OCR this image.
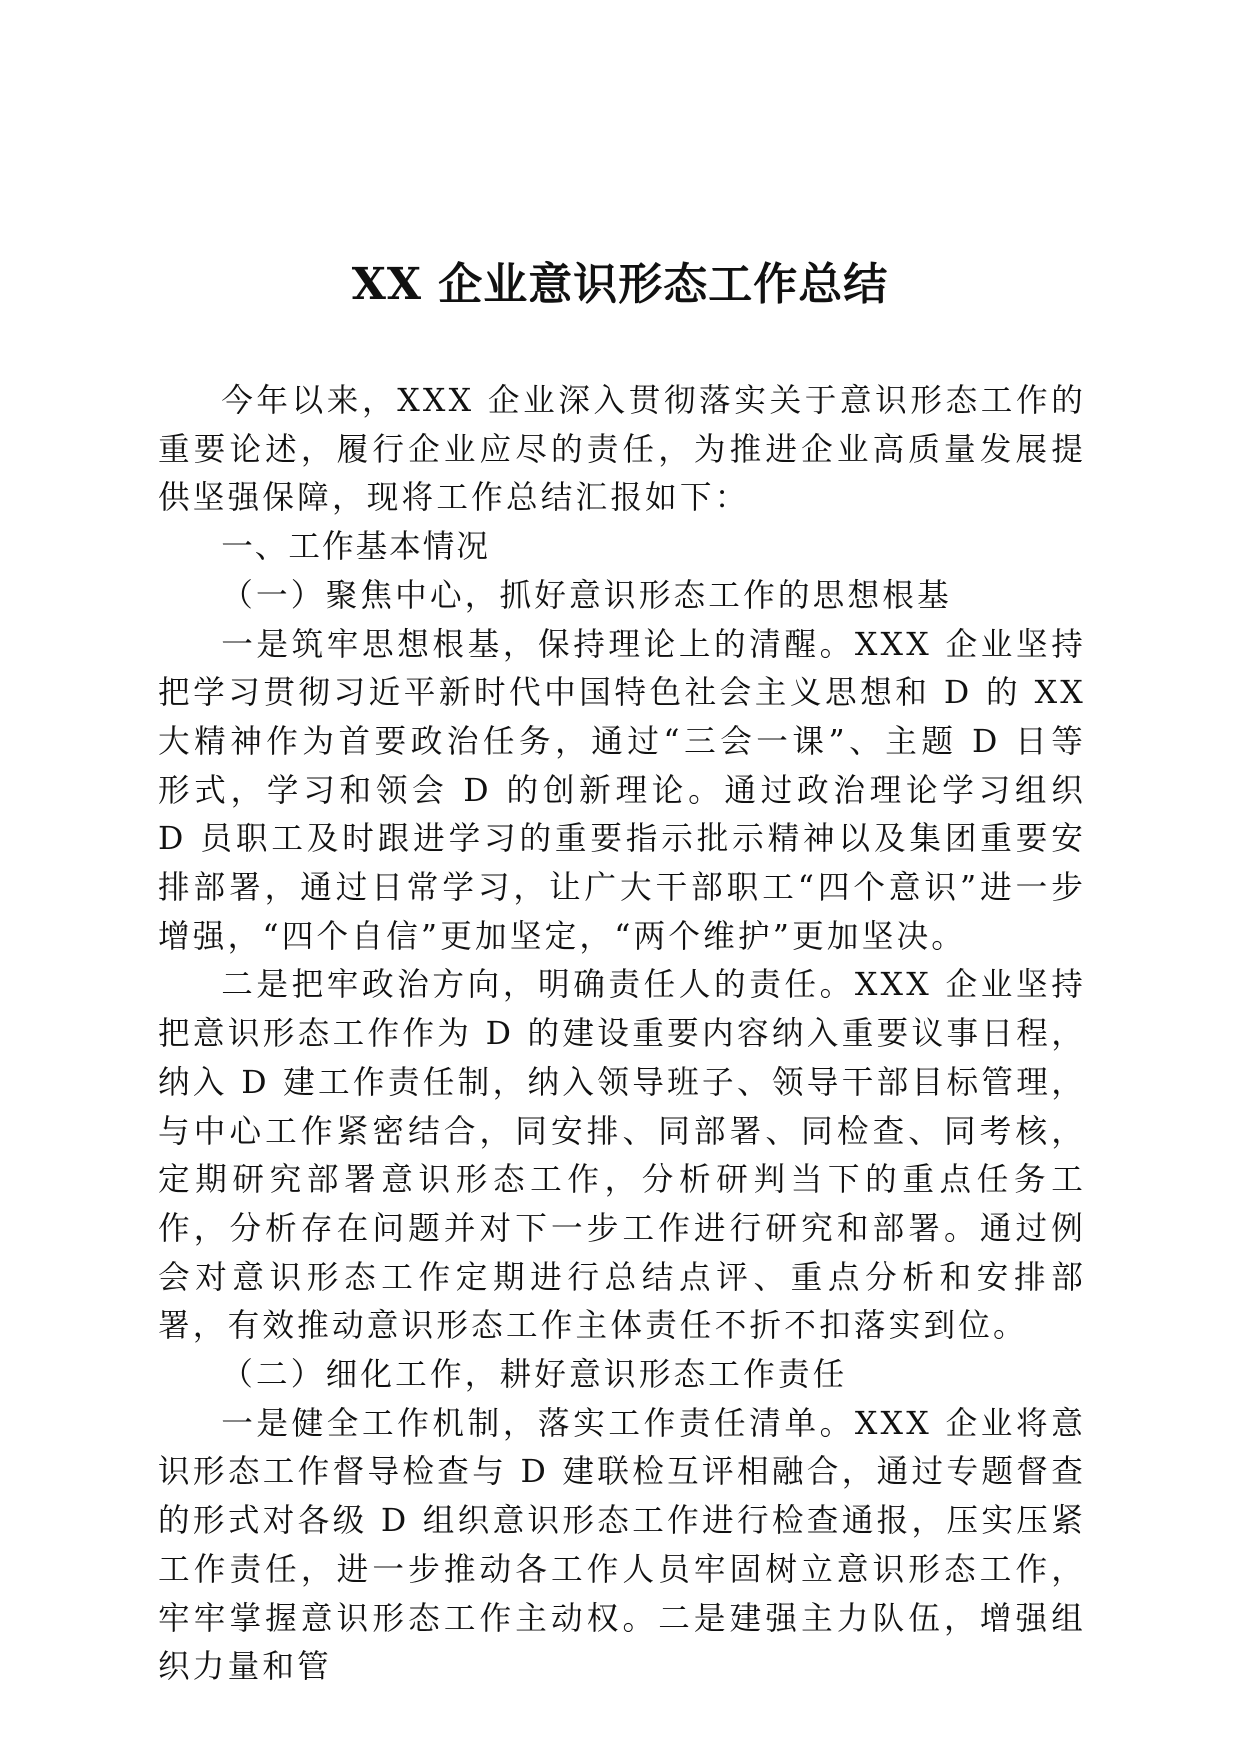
XX 企业意识形态工作总结

今年以来，XXX 企业深入贯彻落实关于意识形态工作的重要论述，履行企业应尽的责任，为推进企业高质量发展提供坚强保障，现将工作总结汇报如下：

一、工作基本情况
（一）聚焦中心，抓好意识形态工作的思想根基

一是筑牢思想根基，保持理论上的清醒。XXX 企业坚持把学习贯彻习近平新时代中国特色社会主义思想和 D 的 XX 大精神作为首要政治任务，通过“三会一课”、主题 D 日等形式，学习和领会 D 的创新理论。通过政治理论学习组织 D 员职工及时跟进学习的重要指示批示精神以及集团重要安排部署，通过日常学习，让广大干部职工“四个意识”进一步增强，“四个自信”更加坚定，“两个维护”更加坚决。

二是把牢政治方向，明确责任人的责任。XXX 企业坚持把意识形态工作作为 D 的建设重要内容纳入重要议事日程，纳入 D 建工作责任制，纳入领导班子、领导干部目标管理，与中心工作紧密结合，同安排、同部署、同检查、同考核，定期研究部署意识形态工作，分析研判当下的重点任务工作，分析存在问题并对下一步工作进行研究和部署。通过例会对意识形态工作定期进行总结点评、重点分析和安排部署，有效推动意识形态工作主体责任不折不扣落实到位。

（二）细化工作，耕好意识形态工作责任

一是健全工作机制，落实工作责任清单。XXX 企业将意识形态工作督导检查与 D 建联检互评相融合，通过专题督查的形式对各级 D 组织意识形态工作进行检查通报，压实压紧工作责任，进一步推动各工作人员牢固树立意识形态工作，牢牢掌握意识形态工作主动权。二是建强主力队伍，增强组织力量和管
